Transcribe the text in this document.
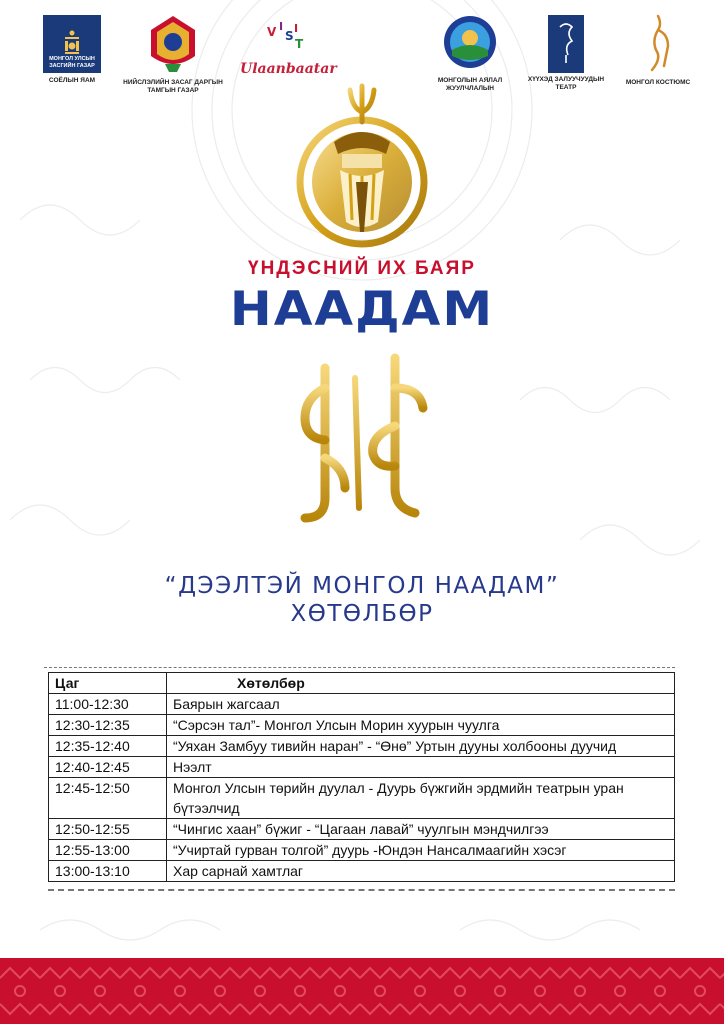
МОНГОЛ УЛСЫН
ЗАСГИЙН ГАЗАР
СОЁЛЫН ЯАМ	НИЙСЛЭЛИЙН ЗАСАГ ДАРГЫН
ТАМГЫН ГАЗАР
V I
S
I
T
Ulaanbaatar
МОНГОЛЫН АЯЛАЛ
ЖУУЛЧЛАЛЫН
ХҮҮХЭД ЗАЛУУЧУУДЫН
ТЕАТР
МОНГОЛ КОСТЮМС
ҮНДЭСНИЙ ИХ БАЯР
НААДАМ
“ДЭЭЛТЭЙ МОНГОЛ НААДАМ”
ХӨТӨЛБӨР
Цаг	Хөтөлбөр
11:00-12:30	Баярын жагсаал
12:30-12:35	“Сэрсэн тал”- Монгол Улсын Морин хуурын чуулга
12:35-12:40	“Уяхан Замбуу тивийн наран” - “Өнө” Уртын дууны холбооны дуучид
12:40-12:45	Нээлт
12:45-12:50	Монгол Улсын төрийн дуулал - Дуурь бүжгийн эрдмийн театрын уран бүтээлчид
12:50-12:55	“Чингис хаан” бүжиг - “Цагаан лавай” чуулгын мэндчилгээ
12:55-13:00	“Учиртай гурван толгой” дуурь -Юндэн Нансалмаагийн хэсэг
13:00-13:10	Хар сарнай хамтлаг
